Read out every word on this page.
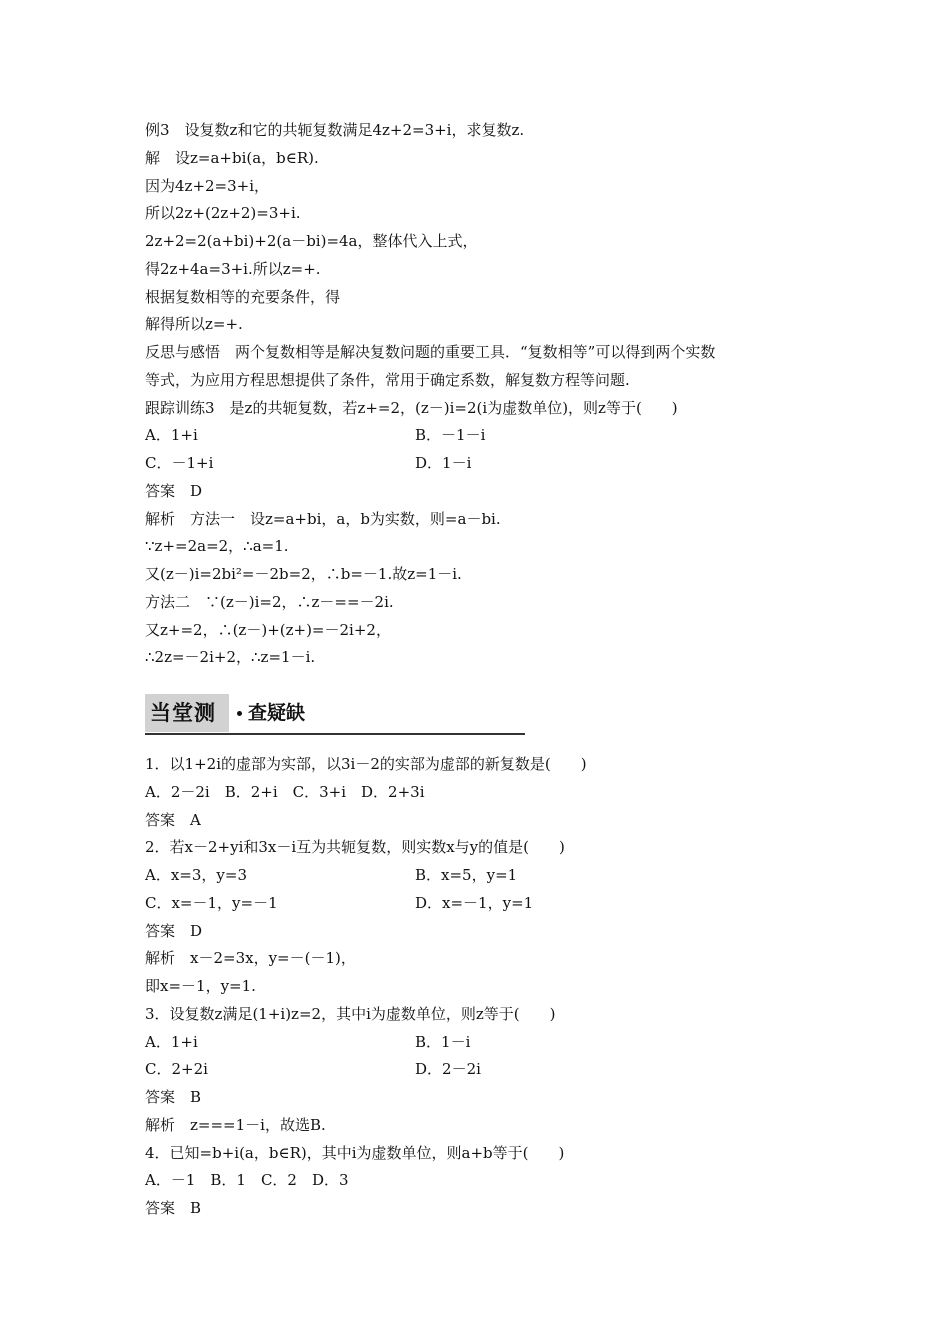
例3　设复数z和它的共轭复数满足4z+2=3+i，求复数z.
解　设z=a+bi(a，b∈R).
因为4z+2=3+i，
所以2z+(2z+2)=3+i.
2z+2=2(a+bi)+2(a－bi)=4a，整体代入上式，
得2z+4a=3+i.所以z=+.
根据复数相等的充要条件，得
解得所以z=+.
反思与感悟　两个复数相等是解决复数问题的重要工具．“复数相等”可以得到两个实数
等式，为应用方程思想提供了条件，常用于确定系数，解复数方程等问题.
跟踪训练3　是z的共轭复数，若z+=2，(z－)i=2(i为虚数单位)，则z等于(　　)
A．1+i	B．－1－i
C．－1+i	D．1－i
答案　D
解析　方法一　设z=a+bi，a，b为实数，则=a－bi.
∵z+=2a=2，∴a=1.
又(z－)i=2bi²=－2b=2，∴b=－1.故z=1－i.
方法二　∵(z－)i=2，∴z－==－2i.
又z+=2，∴(z－)+(z+)=－2i+2，
∴2z=－2i+2，∴z=1－i.
当堂测 查疑缺
1．以1+2i的虚部为实部，以3i－2的实部为虚部的新复数是(　　)
A．2－2i　B．2+i　C．3+i　D．2+3i
答案　A
2．若x－2+yi和3x－i互为共轭复数，则实数x与y的值是(　　)
A．x=3，y=3	B．x=5，y=1
C．x=－1，y=－1	D．x=－1，y=1
答案　D
解析　x－2=3x，y=－(－1)，
即x=－1，y=1.
3．设复数z满足(1+i)z=2，其中i为虚数单位，则z等于(　　)
A．1+i	B．1－i
C．2+2i	D．2－2i
答案　B
解析　z===1－i，故选B.
4．已知=b+i(a，b∈R)，其中i为虚数单位，则a+b等于(　　)
A．－1　B．1　C．2　D．3
答案　B
